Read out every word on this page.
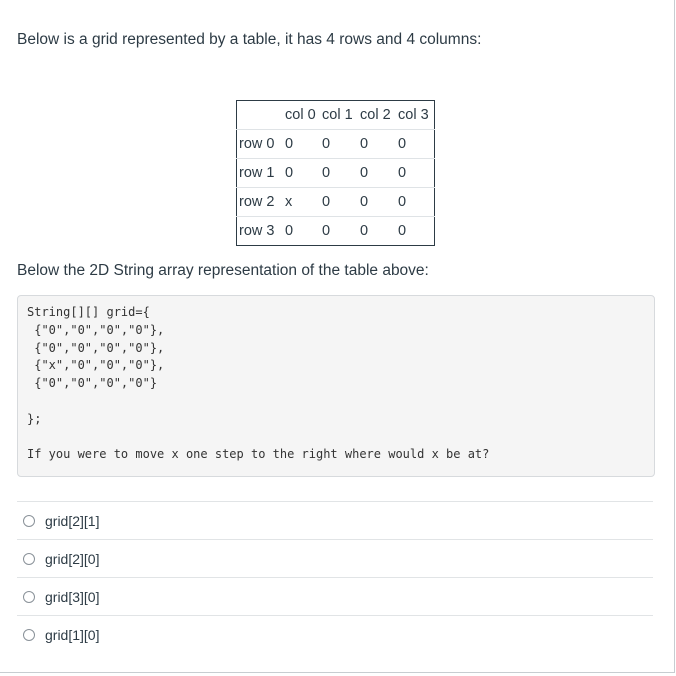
Below is a grid represented by a table, it has 4 rows and 4 columns:

	col 0	col 1	col 2	col 3
row 0	0	0	0	0
row 1	0	0	0	0
row 2	x	0	0	0
row 3	0	0	0	0

Below the 2D String array representation of the table above:

String[][] grid={
{"0","0","0","0"},
{"0","0","0","0"},
{"x","0","0","0"},
{"0","0","0","0"}

};

If you were to move x one step to the right where would x be at?
grid[2][1]
grid[2][0]
grid[3][0]
grid[1][0]
